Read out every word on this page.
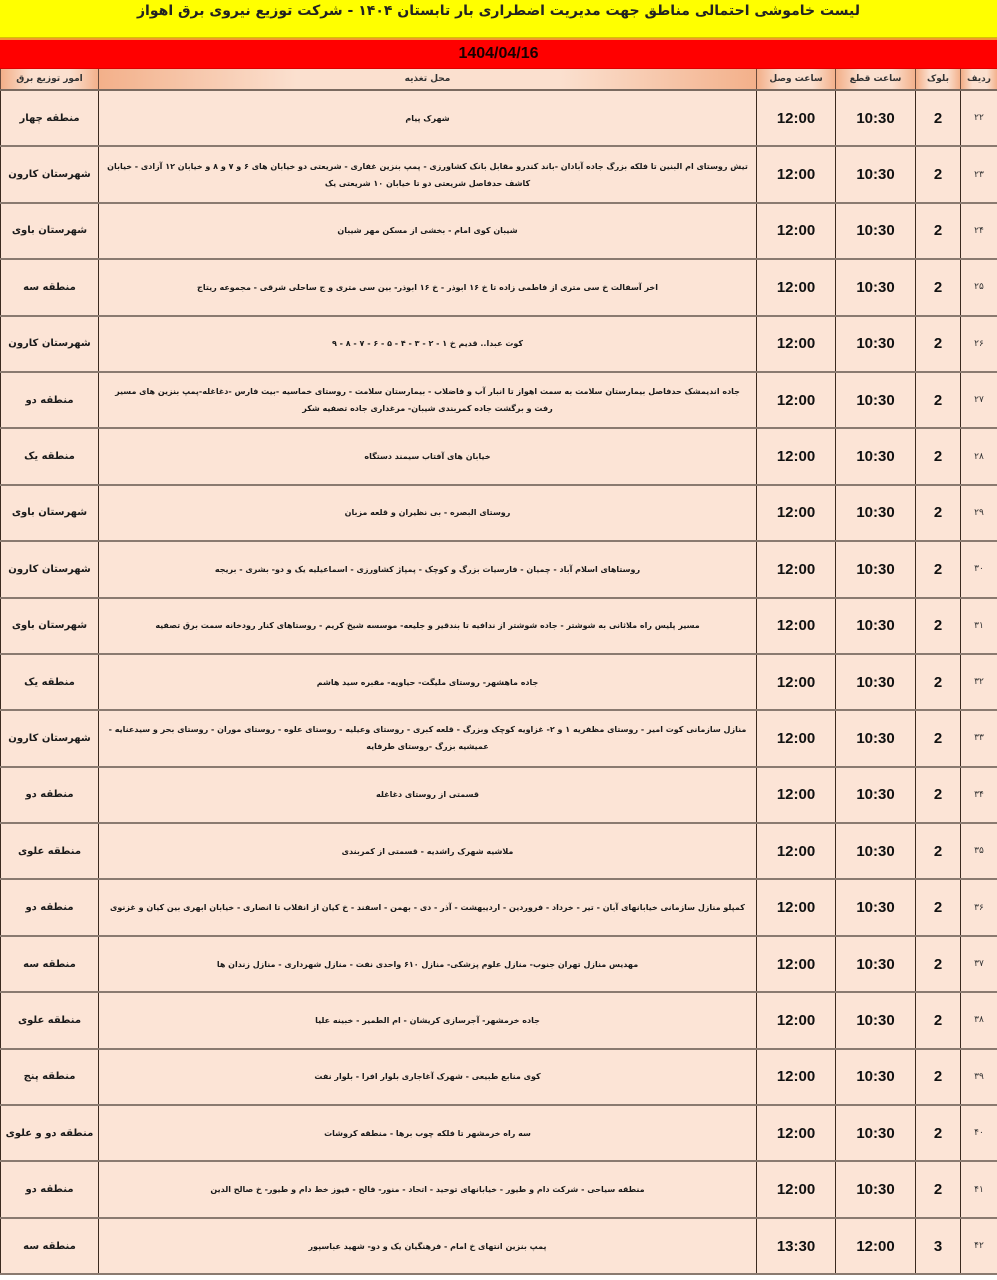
لیست خاموشی احتمالی مناطق جهت مدیریت اضطراری بار تابستان ۱۴۰۴ - شرکت توزیع نیروی برق اهواز
1404/04/16
ردیف	بلوک	ساعت قطع	ساعت وصل	محل تغذیه	امور توزیع برق
۲۲	2	10:30	12:00	شهرک پیام	منطقه چهار
۲۳	2	10:30	12:00	تیش روستای ام البنین تا فلکه بزرگ جاده آبادان -باند کندرو مقابل بانک کشاورزی - پمپ بنزین غفاری - شریعتی دو خیابان های ۶ و ۷ و ۸ و خیابان ۱۲ آزادی - خیابان کاشف حدفاصل شریعتی دو تا خیابان ۱۰ شریعتی یک	شهرستان کارون
۲۴	2	10:30	12:00	شیبان کوی امام - بخشی از مسکن مهر شیبان	شهرستان باوی
۲۵	2	10:30	12:00	اخر آسفالت خ سی متری از فاطمی زاده تا خ ۱۶ ابوذر - خ ۱۶ ابوذر- بین سی متری و ج ساحلی شرقی - مجموعه ریتاج	منطقه سه
۲۶	2	10:30	12:00	کوت عبدا.. قدیم خ ۱ - ۲ - ۳ - ۴ - ۵ - ۶ - ۷ - ۸ - ۹	شهرستان کارون
۲۷	2	10:30	12:00	جاده اندیمشک حدفاصل بیمارستان سلامت به سمت اهواز تا انبار آب و فاضلاب - بیمارستان سلامت - روستای خماسیه -بیت فارس -دغاغله-پمپ بنزین های مسیر رفت و برگشت جاده کمربندی شیبان- مرغداری جاده تصفیه شکر	منطقه دو
۲۸	2	10:30	12:00	خیابان های آفتاب سیمند دستگاه	منطقه یک
۲۹	2	10:30	12:00	روستای البصره - بی نظیران و قلعه مزبان	شهرستان باوی
۳۰	2	10:30	12:00	روستاهای اسلام آباد - چمیان - فارسیات بزرگ و کوچک - پمپاژ کشاورزی - اسماعیلیه یک و دو- بشری - بریجه	شهرستان کارون
۳۱	2	10:30	12:00	مسیر پلیس راه ملاثانی به شوشتر - جاده شوشتر از ندافیه تا بندقیر و جلیعه- موسسه شیخ کریم - روستاهای کنار رودخانه سمت برق تصفیه	شهرستان باوی
۳۲	2	10:30	12:00	جاده ماهشهر- روستای ملیگت- حیاویه- مقبره سید هاشم	منطقه یک
۳۳	2	10:30	12:00	منازل سازمانی کوت امیر - روستای مظفریه ۱ و ۲- غزاویه کوچک وبزرگ - قلعه کبری - روستای وعیلیه - روستای علوه - روستای موران - روستای بحر و سیدعنایه - عمیشیه بزرگ -روستای طرفایه	شهرستان کارون
۳۴	2	10:30	12:00	قسمتی از روستای دغاغله	منطقه دو
۳۵	2	10:30	12:00	ملاشیه شهرک راشدیه - قسمتی از کمربندی	منطقه علوی
۳۶	2	10:30	12:00	کمپلو منازل سازمانی خیابانهای آبان - تیر - خرداد - فروردین - اردیبهشت - آذر - دی - بهمن - اسفند - خ کیان از انقلاب تا انصاری - خیابان ابهری بین کیان و غزنوی	منطقه دو
۳۷	2	10:30	12:00	مهدیس منازل تهران جنوب- منازل علوم پزشکی- منازل ۶۱۰ واحدی نفت - منازل شهرداری - منازل زندان ها	منطقه سه
۳۸	2	10:30	12:00	جاده خرمشهر- آجرسازی کریشان - ام الطمیر - خبینه علیا	منطقه علوی
۳۹	2	10:30	12:00	کوی منابع طبیعی - شهرک آغاجاری بلوار افرا - بلوار نفت	منطقه پنج
۴۰	2	10:30	12:00	سه راه خرمشهر تا فلکه چوب برها - منطقه کروشات	منطقه دو و علوی
۴۱	2	10:30	12:00	منطقه سیاحی - شرکت دام و طیور - خیابانهای توحید - اتحاد - منور- فالح - فیوز خط دام و طیور- خ صالح الدین	منطقه دو
۴۲	3	12:00	13:30	پمپ بنزین انتهای خ امام - فرهنگیان یک و دو- شهید عباسپور	منطقه سه
